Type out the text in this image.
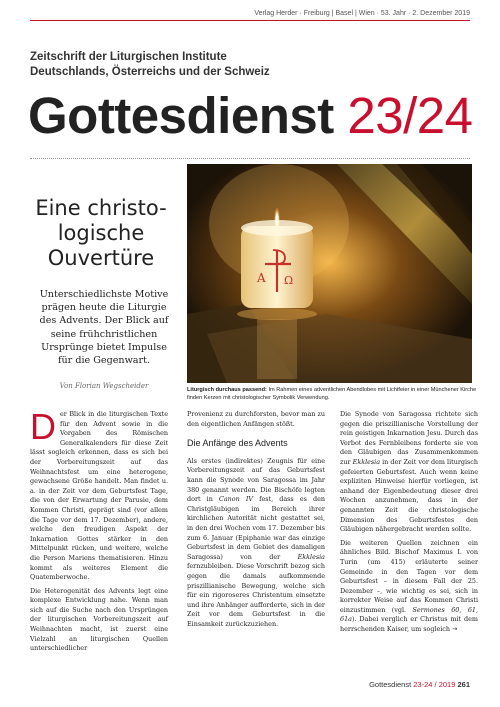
Verlag Herder · Freiburg | Basel | Wien · 53. Jahr · 2. Dezember 2019
Zeitschrift der Liturgischen Institute
Deutschlands, Österreichs und der Schweiz
Gottesdienst 23/24
Eine christo-
logische
Ouvertüre
Unterschiedlichste Motive
prägen heute die Liturgie
des Advents. Der Blick auf
seine frühchristlichen
Ursprünge bietet Impulse
für die Gegenwart.
Von Florian Wegscheider
Α Ω
Liturgisch durchaus passend: Im Rahmen eines adventlichen Abendlobes mit Lichtfeier in einer Münchener Kirche finden Kerzen mit christologischer Symbolik Verwendung.

Der Blick in die liturgischen Texte für den Advent sowie in die Vorgaben des Römischen Generalkalenders für diese Zeit lässt sogleich erkennen, dass es sich bei der Vorbereitungszeit auf das Weihnachtsfest um eine heterogene, gewachsene Größe handelt. Man findet u. a. in der Zeit vor dem Geburtsfest Tage, die von der Erwartung der Parusie, dem Kommen Christi, geprägt sind (vor allem die Tage vor dem 17. Dezember), andere, welche den freudigen Aspekt der Inkarnation Gottes stärker in den Mittelpunkt rücken, und weitere, welche die Person Mariens thematisieren. Hinzu kommt als weiteres Element die Quatemberwoche.

Die Heterogenität des Advents legt eine komplexe Entwicklung nahe. Wenn man sich auf die Suche nach den Ursprüngen der liturgischen Vorbereitungszeit auf Weihnachten macht, ist zuerst eine Vielzahl an liturgischen Quellen unterschiedlicher

Provenienz zu durchforsten, bevor man zu den eigentlichen Anfängen stößt.

Die Anfänge des Advents

Als erstes (indirektes) Zeugnis für eine Vorbereitungszeit auf das Geburtsfest kann die Synode von Saragossa im Jahr 380 genannt werden. Die Bischöfe legten dort in Canon IV fest, dass es den Christgläubigen im Bereich ihrer kirchlichen Autorität nicht gestattet sei, in den drei Wochen vom 17. Dezember bis zum 6. Januar (Epiphanie war das einzige Geburtsfest in dem Gebiet des damaligen Saragossa) von der Ekklesia fernzubleiben. Diese Vorschrift bezog sich gegen die damals aufkommende priszillianische Bewegung, welche sich für ein rigoroseres Christentum einsetzte und ihre Anhänger aufforderte, sich in der Zeit vor dem Geburtsfest in die Einsamkeit zurückzuziehen.

Die Synode von Saragossa richtete sich gegen die priszillianische Vorstellung der rein geistigen Inkarnation Jesu. Durch das Verbot des Fernbleibens forderte sie von den Gläubigen das Zusammenkommen zur Ekklesia in der Zeit vor dem liturgisch gefeierten Geburtsfest. Auch wenn keine expliziten Hinweise hierfür vorliegen, ist anhand der Eigenbedeutung dieser drei Wochen anzunehmen, dass in der genannten Zeit die christologische Dimension des Geburtsfestes den Gläubigen nähergebracht werden sollte.

Die weiteren Quellen zeichnen ein ähnliches Bild. Bischof Maximus I. von Turin (um 415) erläuterte seiner Gemeinde in den Tagen vor dem Geburtsfest – in diesem Fall der 25. Dezember –, wie wichtig es sei, sich in korrekter Weise auf das Kommen Christi einzustimmen (vgl. Sermones 60, 61, 61a). Dabei verglich er Christus mit dem herrschenden Kaiser, um sogleich →

Gottesdienst 23-24 / 2019 261
